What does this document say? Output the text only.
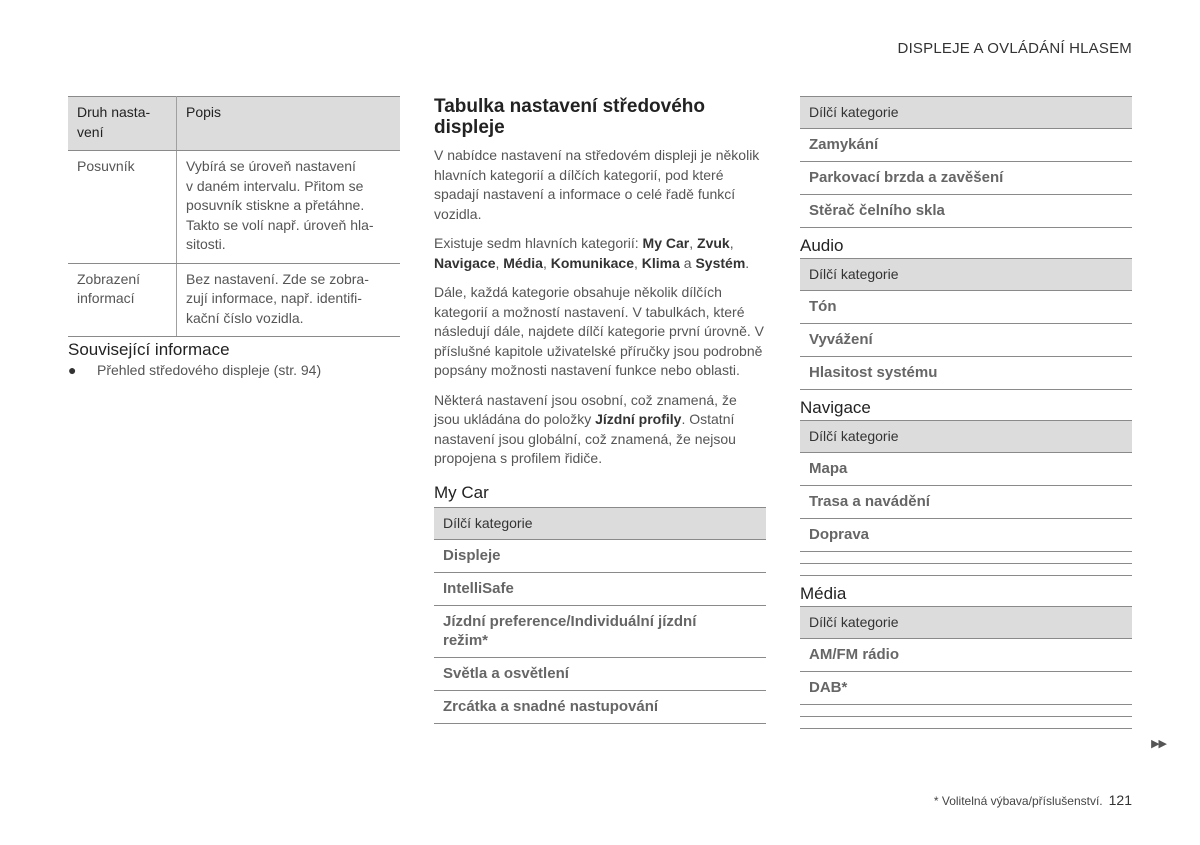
DISPLEJE A OVLÁDÁNÍ HLASEM
Druh nasta-
vení	Popis
Posuvník	Vybírá se úroveň nastavení
v daném intervalu. Přitom se
posuvník stiskne a přetáhne.
Takto se volí např. úroveň hla-
sitosti.
Zobrazení
informací	Bez nastavení. Zde se zobra-
zují informace, např. identifi-
kační číslo vozidla.
Související informace
● Přehled středového displeje (str. 94)
Tabulka nastavení středového displeje

V nabídce nastavení na středovém displeji je několik hlavních kategorií a dílčích kategorií, pod které spadají nastavení a informace o celé řadě funkcí vozidla.

Existuje sedm hlavních kategorií: My Car, Zvuk, Navigace, Média, Komunikace, Klima a Systém.

Dále, každá kategorie obsahuje několik dílčích kategorií a možností nastavení. V tabulkách, které následují dále, najdete dílčí kategorie první úrovně. V příslušné kapitole uživatelské příručky jsou podrobně popsány možnosti nastavení funkce nebo oblasti.

Některá nastavení jsou osobní, což znamená, že jsou ukládána do položky Jízdní profily. Ostatní nastavení jsou globální, což znamená, že nejsou propojena s profilem řidiče.

My Car
Dílčí kategorie
Displeje
IntelliSafe
Jízdní preference/Individuální jízdní
režim*
Světla a osvětlení
Zrcátka a snadné nastupování
Dílčí kategorie
Zamykání
Parkovací brzda a zavěšení
Stěrač čelního skla
Audio
Dílčí kategorie
Tón
Vyvážení
Hlasitost systému
Navigace
Dílčí kategorie
Mapa
Trasa a navádění
Doprava

Média
Dílčí kategorie
AM/FM rádio
DAB*

▶▶
* Volitelná výbava/příslušenství. 121
